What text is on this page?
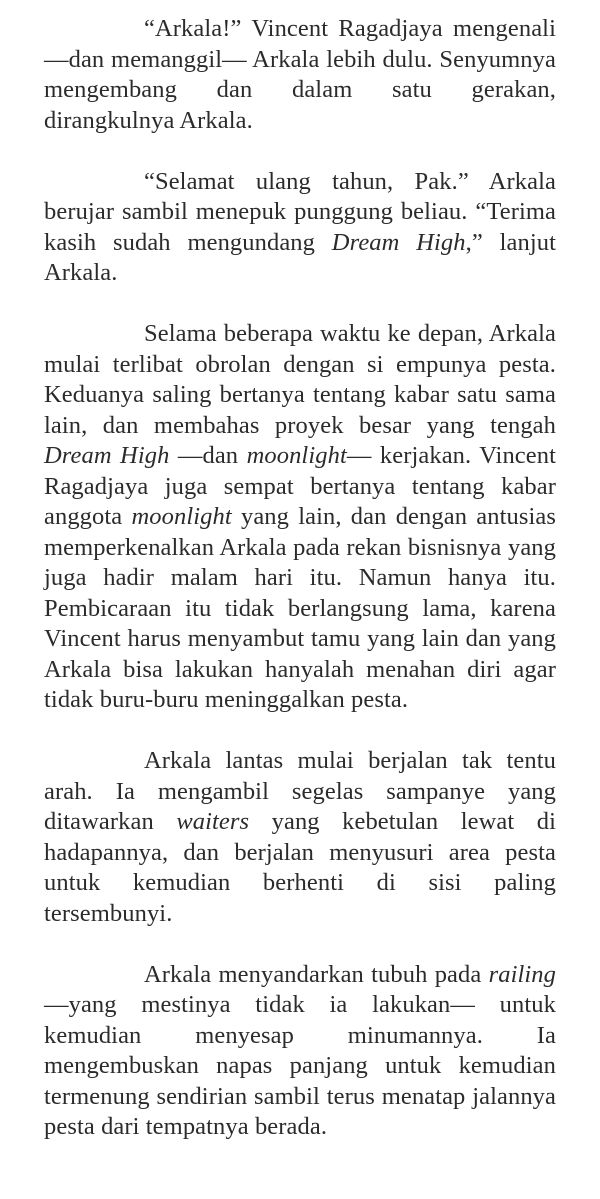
“Arkala!” Vincent Ragadjaya mengenali —dan memanggil— Arkala lebih dulu. Senyumnya mengembang dan dalam satu gerakan, dirangkulnya Arkala.

“Selamat ulang tahun, Pak.” Arkala berujar sambil menepuk punggung beliau. “Terima kasih sudah mengundang Dream High,” lanjut Arkala.

Selama beberapa waktu ke depan, Arkala mulai terlibat obrolan dengan si empunya pesta. Keduanya saling bertanya tentang kabar satu sama lain, dan membahas proyek besar yang tengah Dream High —dan moonlight— kerjakan. Vincent Ragadjaya juga sempat bertanya tentang kabar anggota moonlight yang lain, dan dengan antusias memperkenalkan Arkala pada rekan bisnisnya yang juga hadir malam hari itu. Namun hanya itu. Pembicaraan itu tidak berlangsung lama, karena Vincent harus menyambut tamu yang lain dan yang Arkala bisa lakukan hanyalah menahan diri agar tidak buru-buru meninggalkan pesta.

Arkala lantas mulai berjalan tak tentu arah. Ia mengambil segelas sampanye yang ditawarkan waiters yang kebetulan lewat di hadapannya, dan berjalan menyusuri area pesta untuk kemudian berhenti di sisi paling tersembunyi.

Arkala menyandarkan tubuh pada railing —yang mestinya tidak ia lakukan— untuk kemudian menyesap minumannya. Ia mengembuskan napas panjang untuk kemudian termenung sendirian sambil terus menatap jalannya pesta dari tempatnya berada.
